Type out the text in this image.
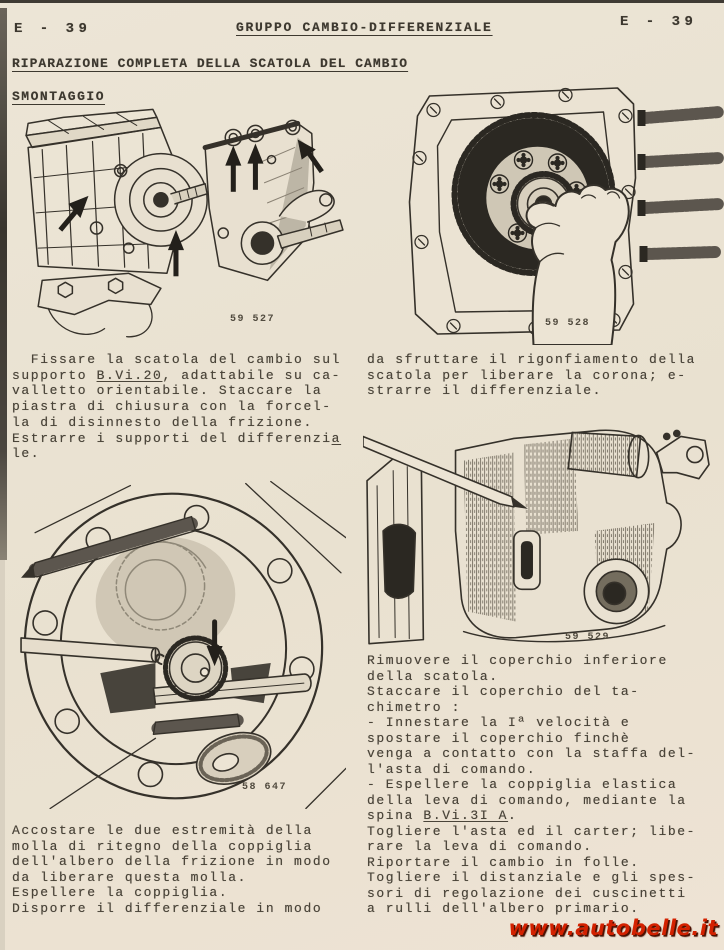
E - 39	GRUPPO CAMBIO-DIFFERENZIALE	E - 39
RIPARAZIONE COMPLETA DELLA SCATOLA DEL CAMBIO
SMONTAGGIO
59 527	59 528
Fissare la scatola del cambio sul
supporto B.Vi.20, adattabile su ca-
valletto orientabile. Staccare la
piastra di chiusura con la forcel-
la di disinnesto della frizione.
Estrarre i supporti del differenzia
le.
da sfruttare il rigonfiamento della
scatola per liberare la corona; e-
strarre il differenziale.
59 529
58 647
Rimuovere il coperchio inferiore
della scatola.
Staccare il coperchio del ta-
chimetro :
- Innestare la Iª velocità e
spostare il coperchio finchè
venga a contatto con la staffa del-
l'asta di comando.
- Espellere la coppiglia elastica
della leva di comando, mediante la
spina B.Vi.3I A.
Togliere l'asta ed il carter; libe-
rare la leva di comando.
Riportare il cambio in folle.
Togliere il distanziale e gli spes-
sori di regolazione dei cuscinetti
a rulli dell'albero primario.
Accostare le due estremità della
molla di ritegno della coppiglia
dell'albero della frizione in modo
da liberare questa molla.
Espellere la coppiglia.
Disporre il differenziale in modo
www.autobelle.it
